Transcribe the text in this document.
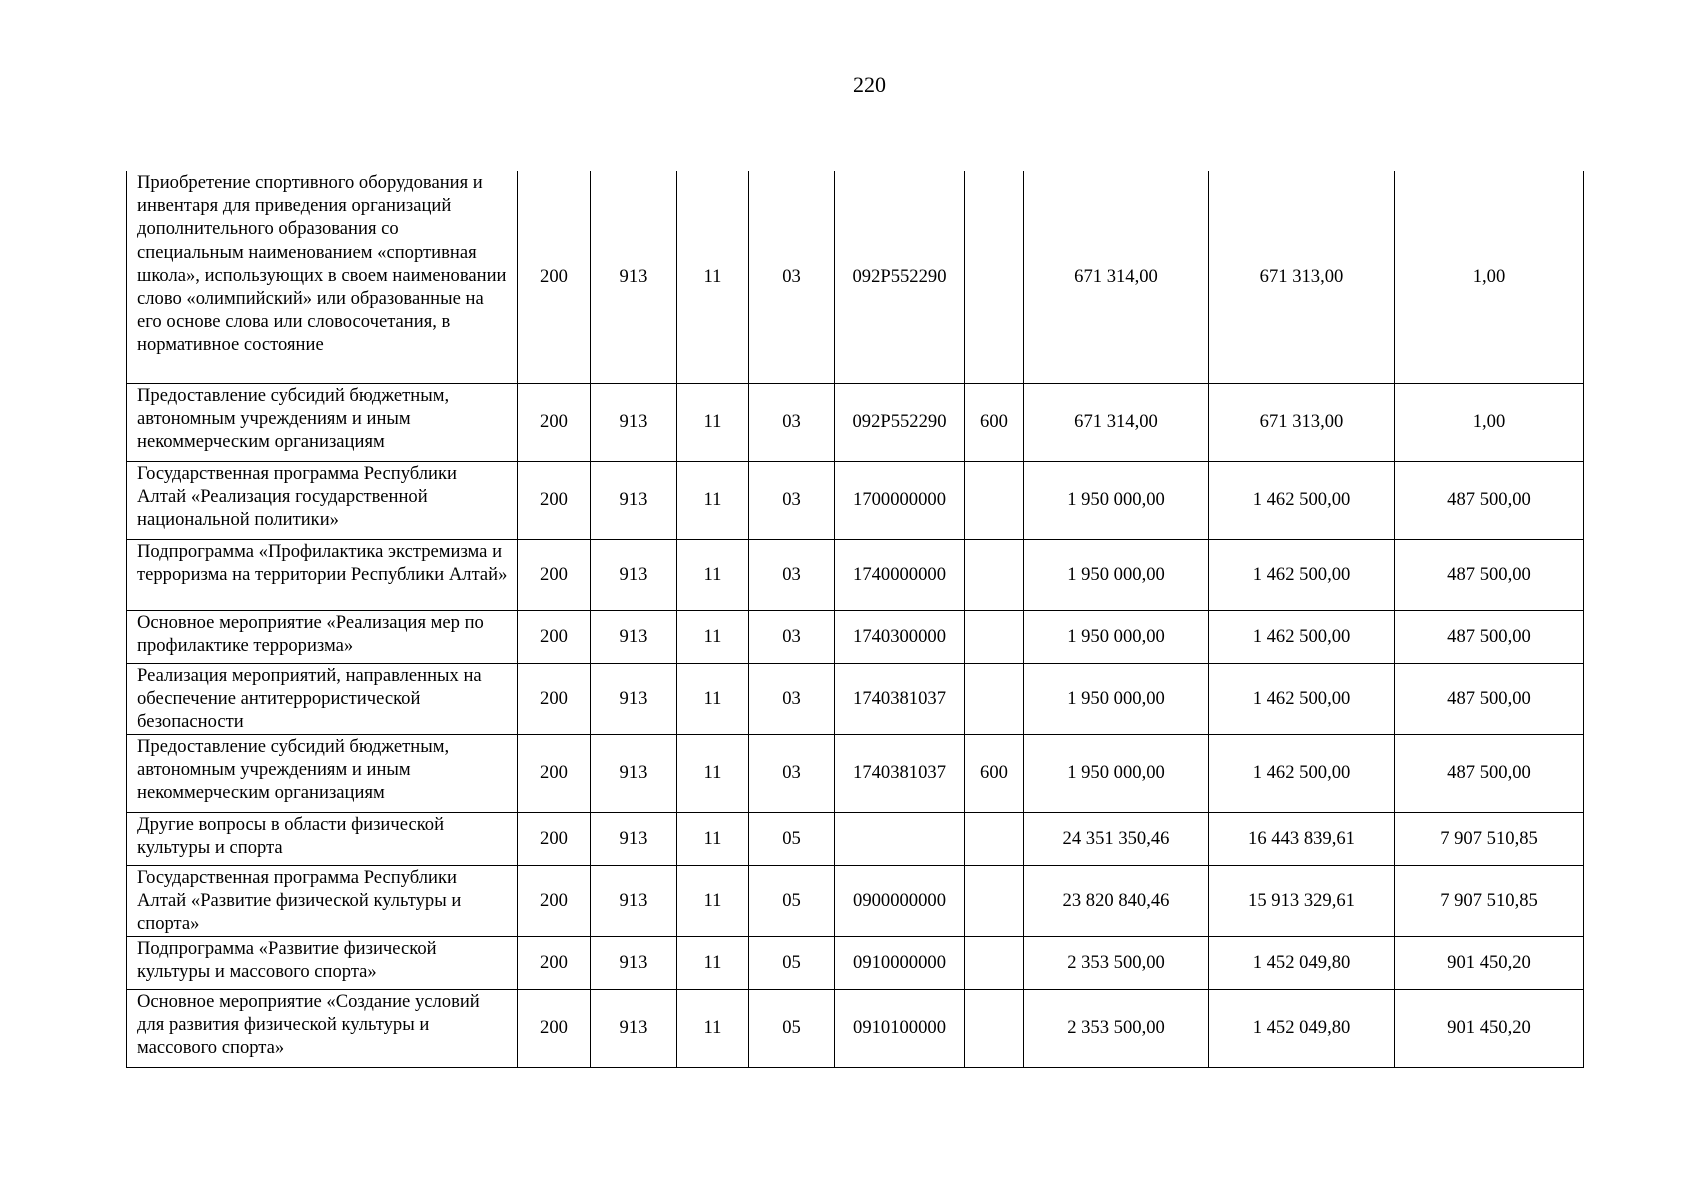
220
Приобретение спортивного оборудования и инвентаря для приведения организаций дополнительного образования со специальным наименованием «спортивная школа», использующих в своем наименовании слово «олимпийский» или образованные на его основе слова или словосочетания, в нормативное состояние	200	913	11	03	092P552290		671 314,00	671 313,00	1,00
Предоставление субсидий бюджетным, автономным учреждениям и иным некоммерческим организациям	200	913	11	03	092P552290	600	671 314,00	671 313,00	1,00
Государственная программа Республики Алтай «Реализация государственной национальной политики»	200	913	11	03	1700000000		1 950 000,00	1 462 500,00	487 500,00
Подпрограмма «Профилактика экстремизма и терроризма на территории Республики Алтай»	200	913	11	03	1740000000		1 950 000,00	1 462 500,00	487 500,00
Основное мероприятие «Реализация мер по профилактике терроризма»	200	913	11	03	1740300000		1 950 000,00	1 462 500,00	487 500,00
Реализация мероприятий, направленных на обеспечение антитеррористической безопасности	200	913	11	03	1740381037		1 950 000,00	1 462 500,00	487 500,00
Предоставление субсидий бюджетным, автономным учреждениям и иным некоммерческим организациям	200	913	11	03	1740381037	600	1 950 000,00	1 462 500,00	487 500,00
Другие вопросы в области физической культуры и спорта	200	913	11	05			24 351 350,46	16 443 839,61	7 907 510,85
Государственная программа Республики Алтай «Развитие физической культуры и спорта»	200	913	11	05	0900000000		23 820 840,46	15 913 329,61	7 907 510,85
Подпрограмма «Развитие физической культуры и массового спорта»	200	913	11	05	0910000000		2 353 500,00	1 452 049,80	901 450,20
Основное мероприятие «Создание условий для развития физической культуры и массового спорта»	200	913	11	05	0910100000		2 353 500,00	1 452 049,80	901 450,20
